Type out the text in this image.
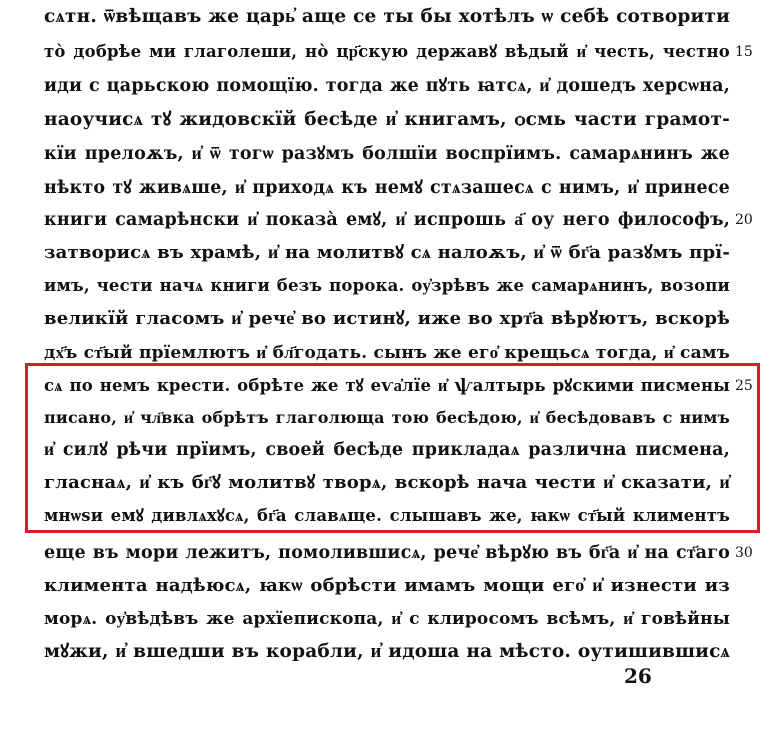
сѧтн. ѿвѣщавъ же царь҆ аще се ты бы хотѣлъ ѡ себѣ сотворити
то̀ добрѣе ми глаголеши, но̀ цр҃скую державꙋ вѣдый и҆ честь, честно 15
иди с царьскою помощїю. тогда же пꙋть ꙗтсѧ, и҆ дошедъ херсѡна,
наоучисѧ тꙋ жидовскїй бесѣде и҆ книгамъ, ѻсмь части грамот-
кїи прелоѫъ, и҆ ѿ тогѡ разꙋмъ болшїи воспрїимъ. самарѧнинъ же
нѣкто тꙋ живѧше, и҆ приходѧ къ немꙋ стѧзашесѧ с нимъ, и҆ принесе
книги самарѣнски и҆ показа̀ емꙋ, и҆ испрошь а҃ оу него философъ, 20
затворисѧ въ храмѣ, и҆ на молитвꙋ сѧ налоѫъ, и҆ ѿ бг҃а разꙋмъ прї-
имъ, чести начѧ книги безъ порока. оу҆зрѣвъ же самарѧнинъ, возопи
великїй гласомъ и҆ рече҆ во истинꙋ, иже во хрт҃а вѣрꙋютъ, вскорѣ
дх҃ъ ст҃ый прїемлютъ и҆ бл҃годать. сынъ же его҆ крещьсѧ тогда, и҆ самъ
сѧ по немъ крести. обрѣте же тꙋ еѵа҆лїе и҆ ѱалтырь рꙋскими писмены 25
писано, и҆ чл҃вка обрѣтъ глаголюща тою бесѣдою, и҆ бесѣдовавъ с нимъ
и҆ силꙋ рѣчи прїимъ, своей бесѣде прикладаѧ различна писмена,
гласнаѧ, и҆ къ бг҃ꙋ молитвꙋ творѧ, вскорѣ нача чести и҆ сказати, и҆
мнѡѕи емꙋ дивлѧхꙋсѧ, бг҃а славѧще. слышавъ же, ꙗкѡ ст҃ый климентъ
еще въ мори лежитъ, помолившисѧ, рече҆ вѣрꙋю въ бг҃а и҆ на ст҃аго 30
климента надѣюсѧ, ꙗкѡ обрѣсти имамъ мощи его҆ и҆ изнести из
морѧ. оу҆вѣдѣвъ же архїепископа, и҆ с клиросомъ всѣмъ, и҆ говѣйны
мꙋжи, и҆ вшедши въ корабли, и҆ идоша на мѣсто. оутишившисѧ
26
